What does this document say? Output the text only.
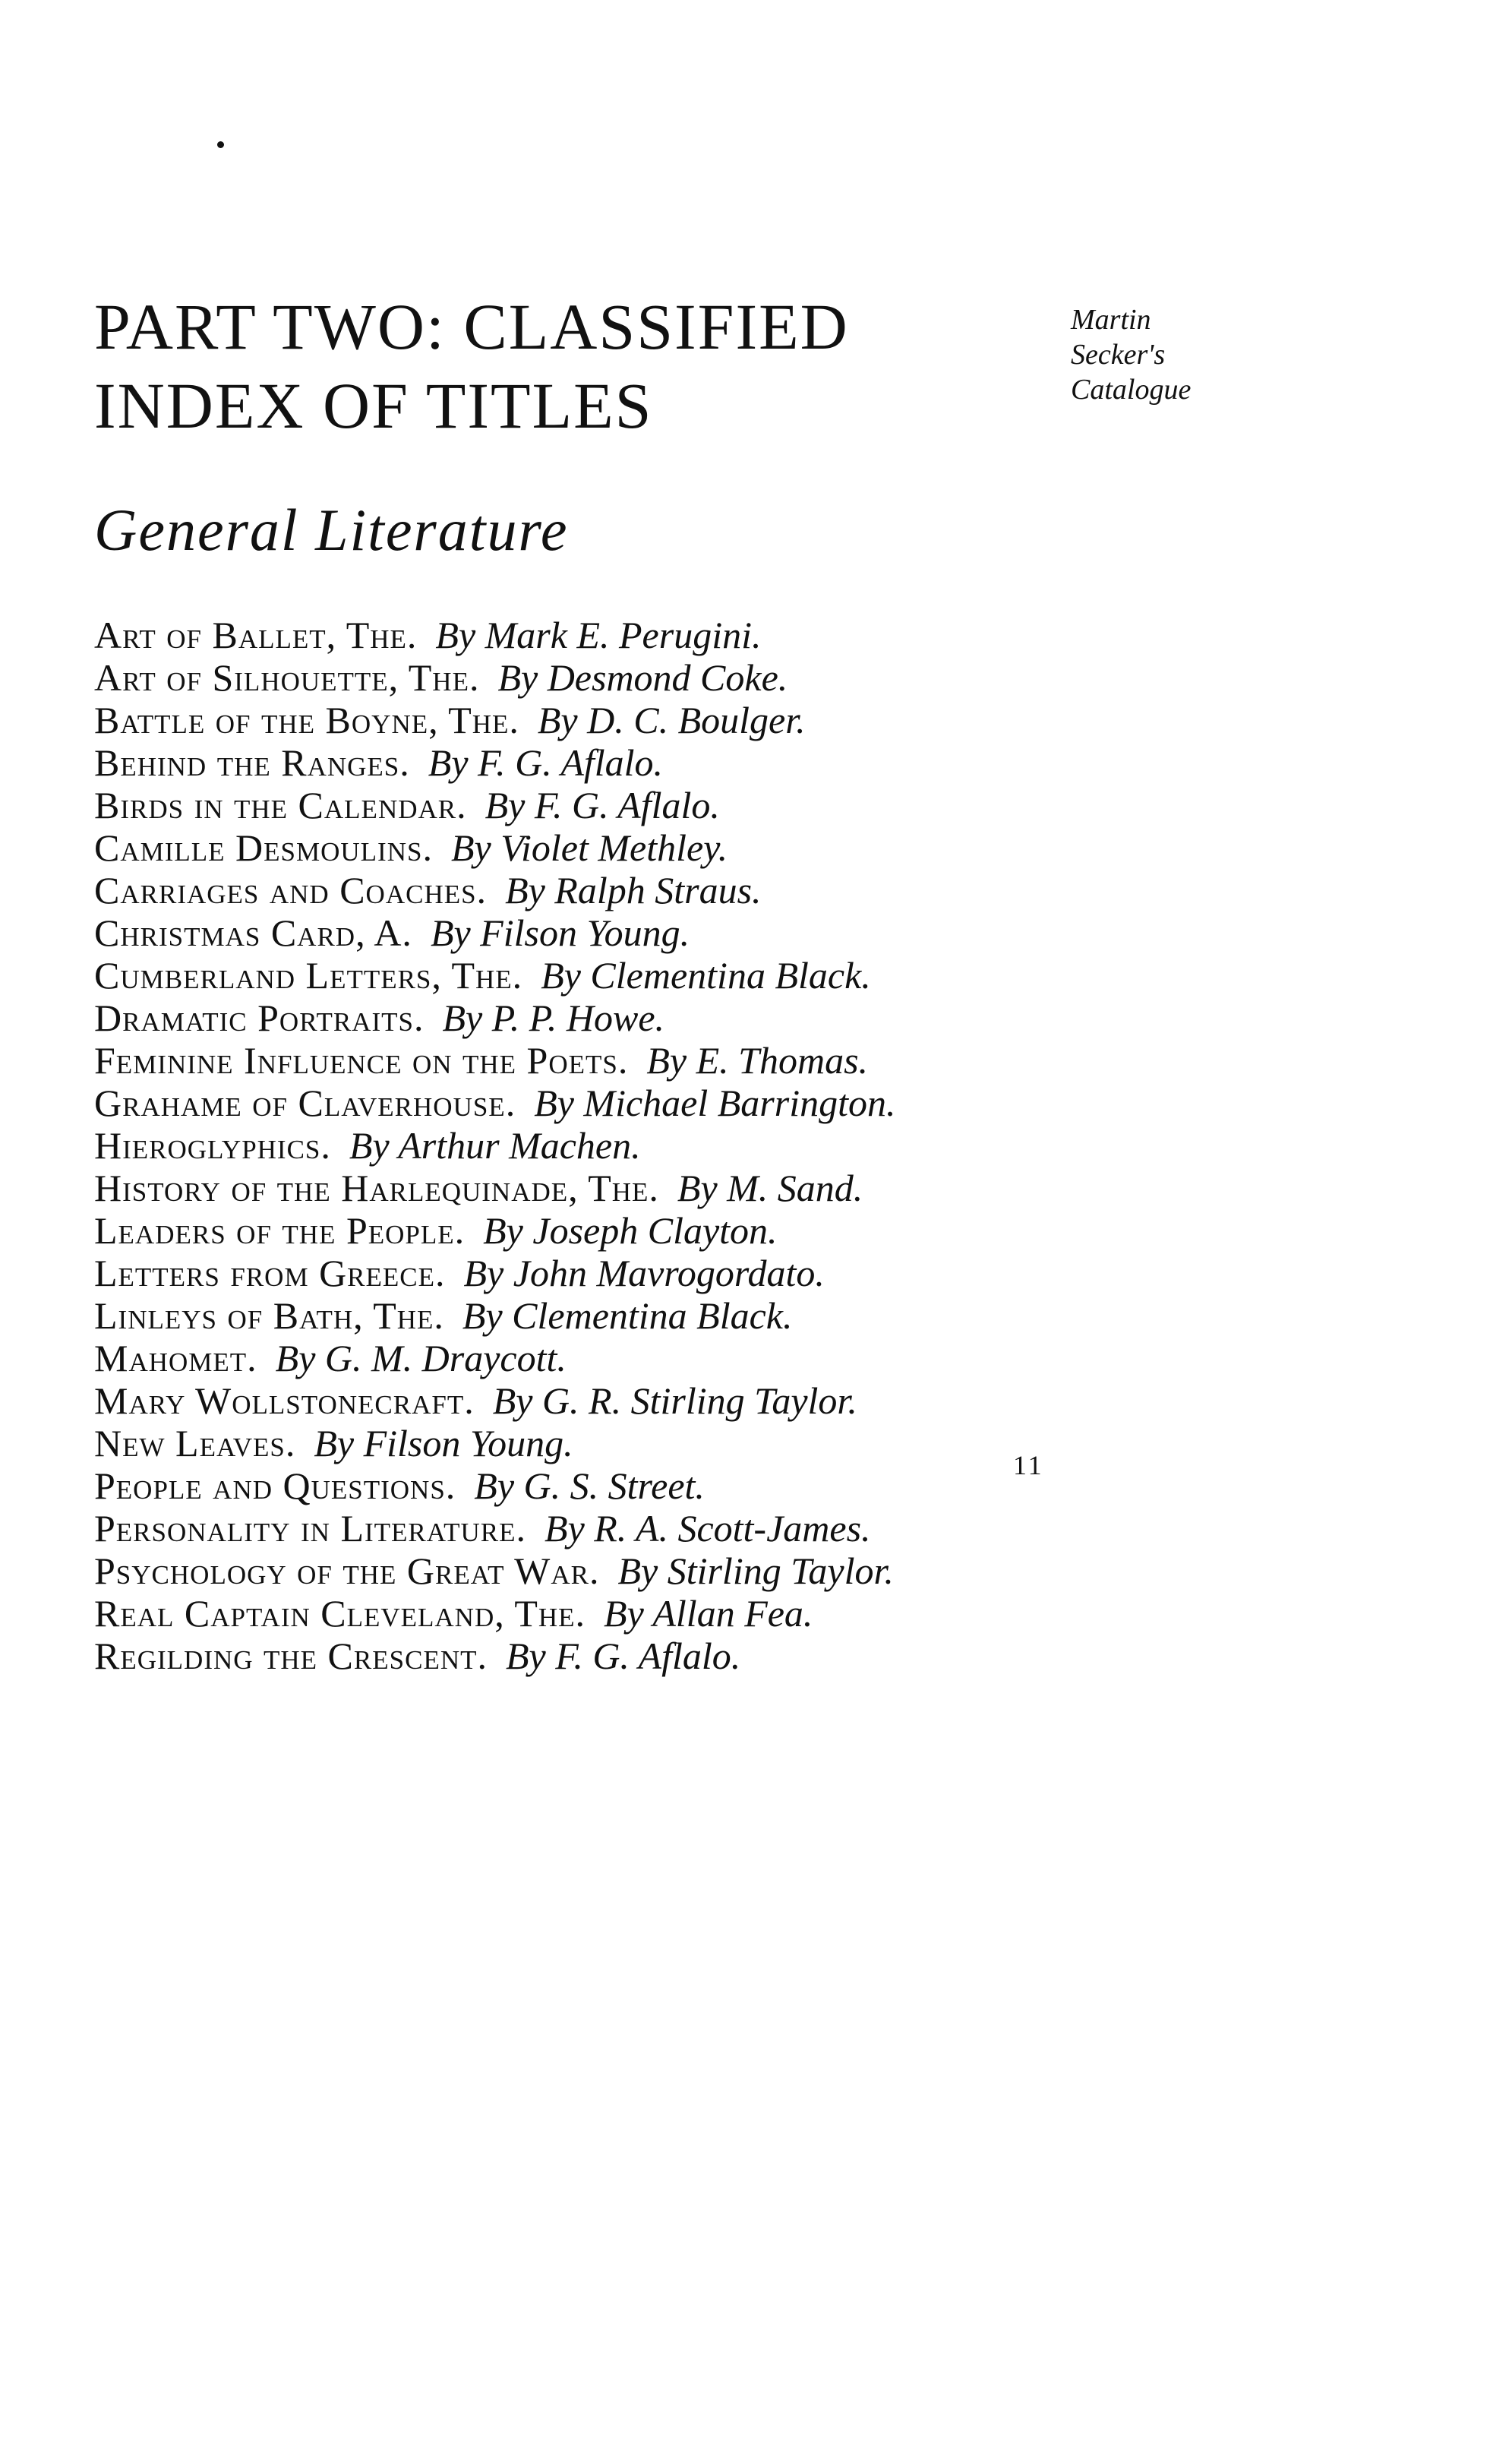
PART TWO: CLASSIFIED
INDEX OF TITLES
Martin
Secker's
Catalogue
General Literature
Art of Ballet, The. By Mark E. Perugini.
Art of Silhouette, The. By Desmond Coke.
Battle of the Boyne, The. By D. C. Boulger.
Behind the Ranges. By F. G. Aflalo.
Birds in the Calendar. By F. G. Aflalo.
Camille Desmoulins. By Violet Methley.
Carriages and Coaches. By Ralph Straus.
Christmas Card, A. By Filson Young.
Cumberland Letters, The. By Clementina Black.
Dramatic Portraits. By P. P. Howe.
Feminine Influence on the Poets. By E. Thomas.
Grahame of Claverhouse. By Michael Barrington.
Hieroglyphics. By Arthur Machen.
History of the Harlequinade, The. By M. Sand.
Leaders of the People. By Joseph Clayton.
Letters from Greece. By John Mavrogordato.
Linleys of Bath, The. By Clementina Black.
Mahomet. By G. M. Draycott.
Mary Wollstonecraft. By G. R. Stirling Taylor.
New Leaves. By Filson Young.
People and Questions. By G. S. Street.
Personality in Literature. By R. A. Scott-James.
Psychology of the Great War. By Stirling Taylor.
Real Captain Cleveland, The. By Allan Fea.
Regilding the Crescent. By F. G. Aflalo.
11
